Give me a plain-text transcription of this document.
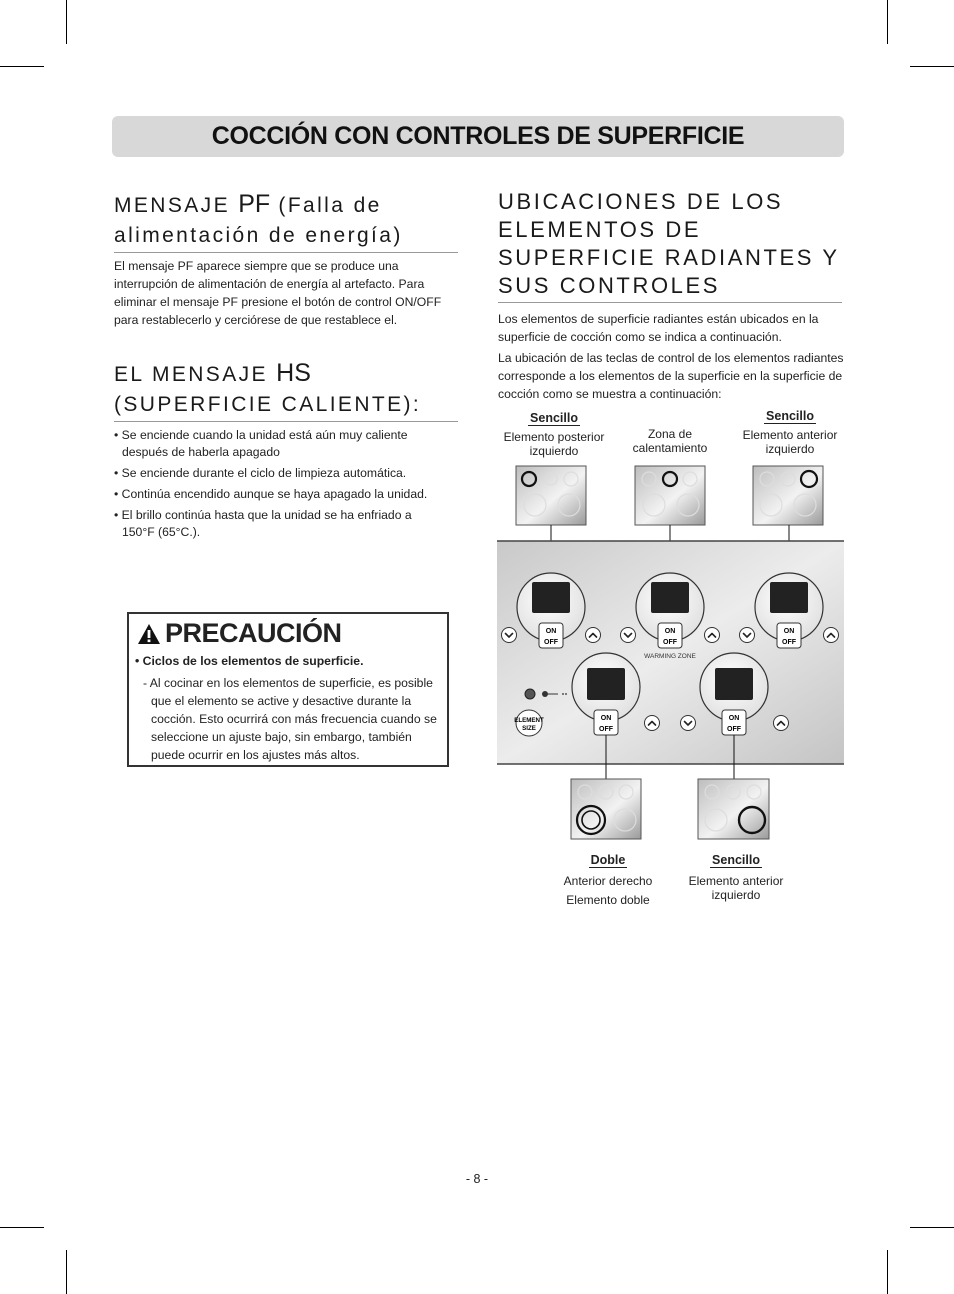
COCCIÓN CON CONTROLES DE SUPERFICIE
MENSAJE PF (Falla de alimentación de energía)
El mensaje PF aparece siempre que se produce una interrupción de alimentación de energía al artefacto. Para eliminar el mensaje PF presione el botón de control ON/OFF para restablecerlo y cerciórese de que restablece el.
EL MENSAJE HS (SUPERFICIE CALIENTE):
• Se enciende cuando la unidad está aún muy caliente después de haberla apagado
• Se enciende durante el ciclo de limpieza automática.
• Continúa encendido aunque se haya apagado la unidad.
• El brillo continúa hasta que la unidad se ha enfriado a 150°F (65°C.).
PRECAUCIÓN
• Ciclos de los elementos de superficie.
- Al cocinar en los elementos de superficie, es posible que el elemento se active y desactive durante la cocción. Esto ocurrirá con más frecuencia cuando se seleccione un ajuste bajo, sin embargo, también puede ocurrir en los ajustes más altos.
UBICACIONES DE LOS ELEMENTOS DE SUPERFICIE RADIANTES Y SUS CONTROLES
Los elementos de superficie radiantes están ubicados en la superficie de cocción como se indica a continuación.
La ubicación de las teclas de control de los elementos radiantes corresponde a los elementos de la superficie en la superficie de cocción como se muestra a continuación:
Sencillo
Elemento posterior izquierdo
Zona de calentamiento
Sencillo
Elemento anterior izquierdo
ON
OFF
ON
OFF
ON
OFF
ON
OFF
ON
OFF
WARMING ZONE
ELEMENT
SIZE
Doble
Anterior derecho
Elemento doble
Sencillo
Elemento anterior izquierdo
- 8 -
